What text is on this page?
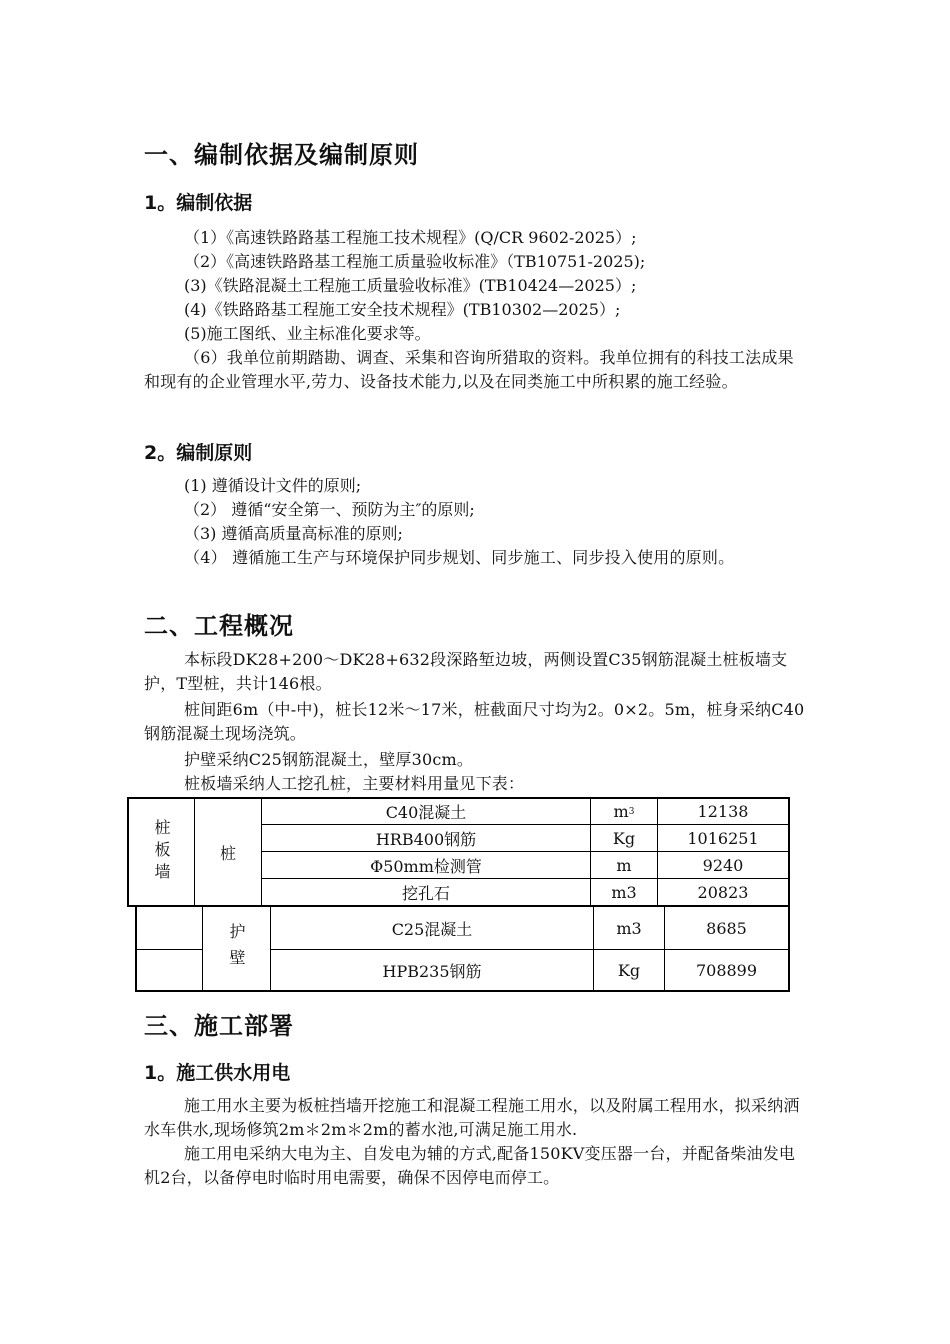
一、编制依据及编制原则
1。编制依据
（1）《高速铁路路基工程施工技术规程》(Q/CR 9602-2025）;
（2）《高速铁路路基工程施工质量验收标准》（TB10751-2025);
(3)《铁路混凝土工程施工质量验收标准》(TB10424—2025）;
(4)《铁路路基工程施工安全技术规程》(TB10302—2025）;
(5)施工图纸、业主标准化要求等。
（6）我单位前期踏勘、调查、采集和咨询所猎取的资料。我单位拥有的科技工法成果和现有的企业管理水平,劳力、设备技术能力,以及在同类施工中所积累的施工经验。
2。编制原则
(1) 遵循设计文件的原则;
（2） 遵循“安全第一、预防为主″的原则;
（3) 遵循高质量高标准的原则;
（4） 遵循施工生产与环境保护同步规划、同步施工、同步投入使用的原则。
二、工程概况
本标段DK28+200～DK28+632段深路堑边坡，两侧设置C35钢筋混凝土桩板墙支护，T型桩，共计146根。
桩间距6m（中-中)，桩长12米～17米，桩截面尺寸均为2。0×2。5m，桩身采纳C40钢筋混凝土现场浇筑。
护壁采纳C25钢筋混凝土，壁厚30cm。
桩板墙采纳人工挖孔桩，主要材料用量见下表：
桩板墙	桩
C40混凝土	m 3	12138
HRB400钢筋	Kg	1016251
Φ50mm检测管	m	9240
挖孔石	m3	20823
护壁	C25混凝土	m3	8685
HPB235钢筋	Kg	708899
三、施工部署
1。施工供水用电
施工用水主要为板桩挡墙开挖施工和混凝工程施工用水，以及附属工程用水，拟采纳洒水车供水,现场修筑2m＊2m＊2m的蓄水池,可满足施工用水.
施工用电采纳大电为主、自发电为辅的方式,配备150KV变压器一台，并配备柴油发电机2台，以备停电时临时用电需要，确保不因停电而停工。
